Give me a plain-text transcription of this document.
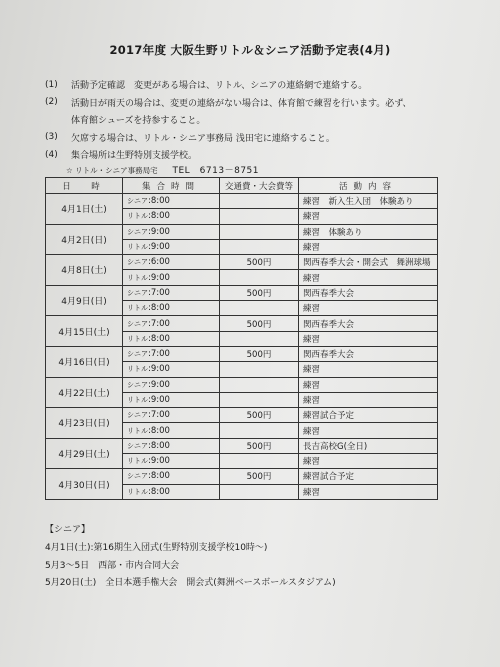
2017年度 大阪生野リトル＆シニア活動予定表(4月)
(1)	活動予定確認　変更がある場合は、リトル、シニアの連絡網で連絡する。
(2)	活動日が雨天の場合は、変更の連絡がない場合は、体育館で練習を行います。必ず、
体育館シューズを持参すること。
(3)	欠席する場合は、リトル・シニア事務局 浅田宅に連絡すること。
(4)	集合場所は生野特別支援学校。
☆ リトル・シニア事務局宅 TEL　6713－8751
日　時	集合時間	交通費・大会費等	活動内容
4月1日(土)	シニア:8:00		練習　新入生入団　体験あり
	リトル:8:00		練習
4月2日(日)	シニア:9:00		練習　体験あり
	リトル:9:00		練習
4月8日(土)	シニア:6:00	500円	関西春季大会・開会式　舞洲球場
	リトル:9:00		練習
4月9日(日)	シニア:7:00	500円	関西春季大会
	リトル:8:00		練習
4月15日(土)	シニア:7:00	500円	関西春季大会
	リトル:8:00		練習
4月16日(日)	シニア:7:00	500円	関西春季大会
	リトル:9:00		練習
4月22日(土)	シニア:9:00		練習
	リトル:9:00		練習
4月23日(日)	シニア:7:00	500円	練習試合予定
	リトル:8:00		練習
4月29日(土)	シニア:8:00	500円	長吉高校G(全日)
	リトル:9:00		練習
4月30日(日)	シニア:8:00	500円	練習試合予定
	リトル:8:00		練習
【シニア】
4月1日(土):第16期生入団式(生野特別支援学校10時～)
5月3～5日　西部・市内合同大会
5月20日(土)　全日本選手権大会　開会式(舞洲ベースボールスタジアム)
